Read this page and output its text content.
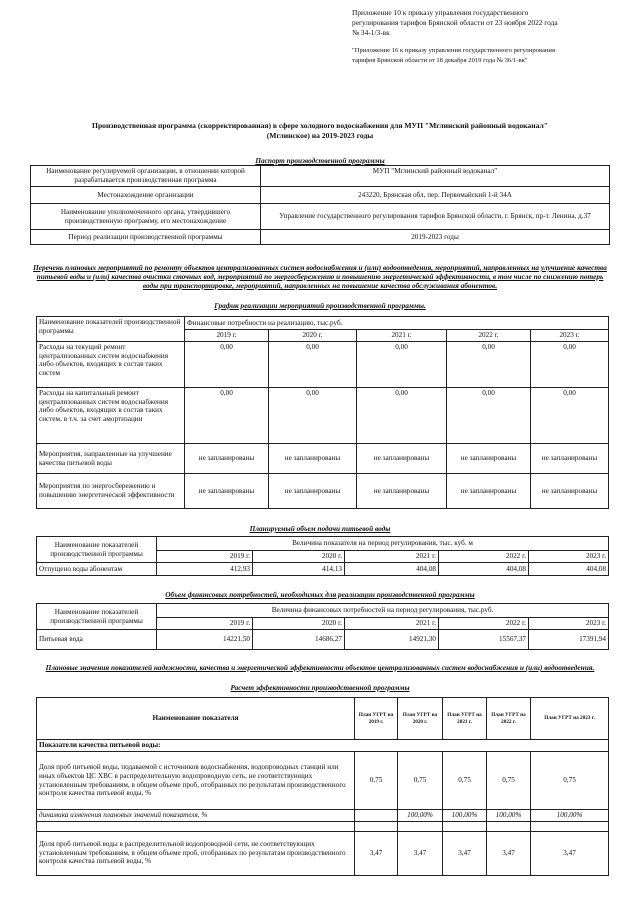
Приложение 10 к приказу управления государственного
регулирования тарифов Брянской области от 23 ноября 2022 года
№ 34-1/3-вк
"Приложение 16 к приказу управления государственного регулирования
тарифов Брянской области от 18 декабря 2019 года № 36/1-вк"
Производственная программа (скорректированная) в сфере холодного водоснабжения для МУП "Мглинский районный водоканал"
(Мглинское) на 2019-2023 годы
Паспорт производственной программы
Наименование регулируемой организации, в отношении которой разрабатывается производственная программа	МУП "Мглинский районный водоканал"
Местонахождение организации	243220, Брянская обл, пер. Первомайский 1-й 34А
Наименование уполномоченного органа, утвердившего производственную программу, его местонахождение	Управление государственного регулирования тарифов Брянской области, г. Брянск, пр-т. Ленина, д.37
Период реализации производственной программы	2019-2023 годы
Перечень плановых мероприятий по ремонту объектов централизованных систем водоснабжения и (или) водоотведения, мероприятий, направленных на улучшение качества питьевой воды и (или) качества очистки сточных вод, мероприятий по энергосбережению и повышению энергетической эффективности, в том числе по снижению потерь воды при транспортировке, мероприятий, направленных на повышение качества обслуживания абонентов.
График реализации мероприятий производственной программы.
Наименование показателей производственной программы	Финансовые потребности на реализацию, тыс.руб.				
	2019 г.	2020 г.	2021 г.	2022 г.	2023 г.
Расходы на текущий ремонт централизованных систем водоснабжения либо объектов, входящих в состав таких систем	0,00	0,00	0,00	0,00	0,00
Расходы на капитальный ремонт централизованных систем водоснабжения либо объектов, входящих в состав таких систем, в т.ч. за счет амортизации	0,00	0,00	0,00	0,00	0,00
Мероприятия, направленные на улучшение качества питьевой воды	не запланированы	не запланированы	не запланированы	не запланированы	не запланированы
Мероприятия по энергосбережению и повышению энергетической эффективности	не запланированы	не запланированы	не запланированы	не запланированы	не запланированы
Планируемый объем подачи питьевой воды
Наименование показателей производственной программы	Величина показателя на период регулирования, тыс. куб. м				
	2019 г.	2020 г.	2021 г.	2022 г.	2023 г.
Отпущено воды абонентам	412,93	414,13	404,08	404,08	404,08
Объем финансовых потребностей, необходимых для реализации производственной программы
Наименование показателей производственной программы	Величина финансовых потребностей на период регулирования, тыс.руб.				
	2019 г.	2020 г.	2021 г.	2022 г.	2023 г.
Питьевая вода	14221,50	14686,27	14921,30	15567,37	17391,94
Плановые значения показателей надежности, качества и энергетической эффективности объектов централизованных систем водоснабжения и (или) водоотведения.
Расчет эффективности производственной программы
Наименование показателя	План УГРТ на 2019 г.	План УГРТ на 2020 г.	План УГРТ на 2021 г.	План УГРТ на 2022 г.	План УГРТ на 2023 г.
Показатели качества питьевой воды:					
Доля проб питьевой воды, подаваемой с источников водоснабжения, водопроводных станций или иных объектов ЦС ХВС в распределительную водопроводную сеть, не соответствующих установленным требованиям, в общем объеме проб, отобранных по результатам производственного контроля качества питьевой воды, %	0,75	0,75	0,75	0,75	0,75
динамика изменения плановых значений показателя, %		100,00%	100,00%	100,00%	100,00%

Доля проб питьевой воды в распределительной водопроводной сети, не соответствующих установленным требованиям, в общем объеме проб, отобранных по результатам производственного контроля качества питьевой воды, %	3,47	3,47	3,47	3,47	3,47
